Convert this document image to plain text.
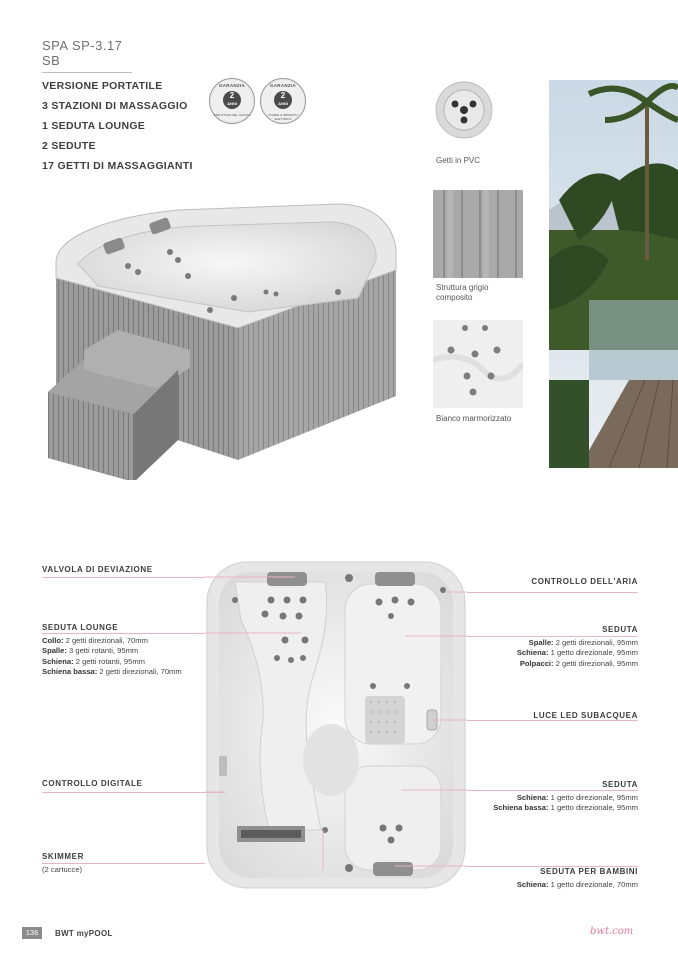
SPA SP-3.17 SB
VERSIONE PORTATILE
3 STAZIONI DI MASSAGGIO
1 SEDUTA LOUNGE
2 SEDUTE
17 GETTI DI MASSAGGIANTI
GARANZIA
2
ANNI
STRUTTURA DEL GUSCIO
GARANZIA
2
ANNI
POMPE & IMPIANTO ELETTRICO
Getti in PVC
Struttura grigio composito
Bianco marmorizzato
VALVOLA DI DEVIAZIONE
SEDUTA LOUNGE
Collo: 2 getti direzionali, 70mm
Spalle: 3 getti rotanti, 95mm
Schiena: 2 getti rotanti, 95mm
Schiena bassa: 2 getti direzionali, 70mm
CONTROLLO DIGITALE
SKIMMER
(2 cartucce)
CONTROLLO DELL'ARIA
SEDUTA
Spalle: 2 getti direzionali, 95mm
Schiena: 1 getto direzionale, 95mm
Polpacci: 2 getti direzionali, 95mm
LUCE LED SUBACQUEA
SEDUTA
Schiena: 1 getto direzionale, 95mm
Schiena bassa: 1 getto direzionale, 95mm
SEDUTA PER BAMBINI
Schiena: 1 getto direzionale, 70mm
136	BWT myPOOL	bwt.com
